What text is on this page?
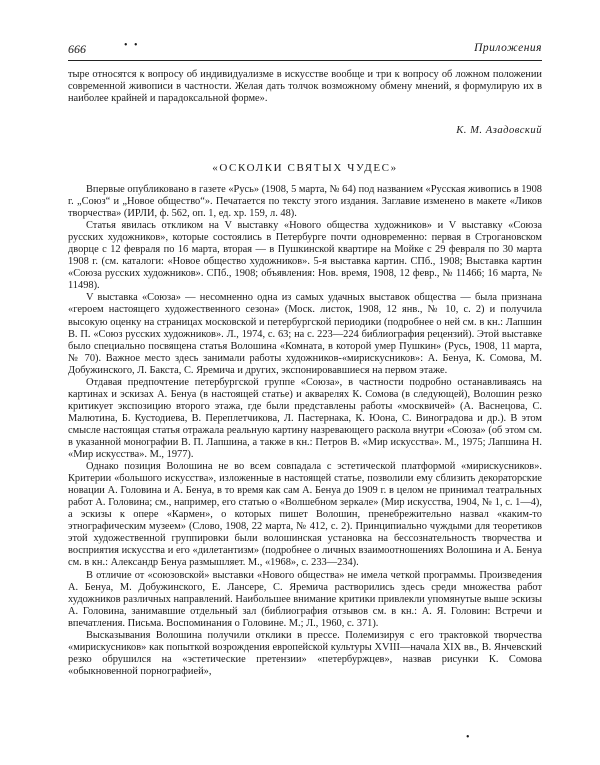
666	• •	Приложения

тыре относятся к вопросу об индивидуализме в искусстве вообще и три к вопросу об ложном положении современной живописи в частности. Желая дать толчок возможному обмену мнений, я формулирую их в наиболее крайней и парадоксальной форме».

К. М. Азадовский
«ОСКОЛКИ СВЯТЫХ ЧУДЕС»

Впервые опубликовано в газете «Русь» (1908, 5 марта, № 64) под названием «Русская живопись в 1908 г. „Союз“ и „Новое общество“». Печатается по тексту этого издания. Заглавие изменено в макете «Ликов творчества» (ИРЛИ, ф. 562, оп. 1, ед. хр. 159, л. 48).

Статья явилась откликом на V выставку «Нового общества художников» и V выставку «Союза русских художников», которые состоялись в Петербурге почти одновременно: первая в Строгановском дворце с 12 февраля по 16 марта, вторая — в Пушкинской квартире на Мойке с 29 февраля по 30 марта 1908 г. (см. каталоги: «Новое общество художников». 5-я выставка картин. СПб., 1908; Выставка картин «Союза русских художников». СПб., 1908; объявления: Нов. время, 1908, 12 февр., № 11466; 16 марта, № 11498).

V выставка «Союза» — несомненно одна из самых удачных выставок общества — была признана «героем настоящего художественного сезона» (Моск. листок, 1908, 12 янв., № 10, с. 2) и получила высокую оценку на страницах московской и петербургской периодики (подробнее о ней см. в кн.: Лапшин В. П. «Союз русских художников». Л., 1974, с. 63; на с. 223—224 библиография рецензий). Этой выставке было специально посвящена статья Волошина «Комната, в которой умер Пушкин» (Русь, 1908, 11 марта, № 70). Важное место здесь занимали работы художников-«мирискусников»: А. Бенуа, К. Сомова, М. Добужинского, Л. Бакста, С. Яремича и других, экспонировавшиеся на первом этаже.

Отдавая предпочтение петербургской группе «Союза», в частности подробно останавливаясь на картинах и эскизах А. Бенуа (в настоящей статье) и акварелях К. Сомова (в следующей), Волошин резко критикует экспозицию второго этажа, где были представлены работы «москвичей» (А. Васнецова, С. Малютина, Б. Кустодиева, В. Переплетчикова, Л. Пастернака, К. Юона, С. Виноградова и др.). В этом смысле настоящая статья отражала реальную картину назревающего раскола внутри «Союза» (об этом см. в указанной монографии В. П. Лапшина, а также в кн.: Петров В. «Мир искусства». М., 1975; Лапшина Н. «Мир искусства». М., 1977).

Однако позиция Волошина не во всем совпадала с эстетической платформой «мирискусников». Критерии «большого искусства», изложенные в настоящей статье, позволили ему сблизить декораторские новации А. Головина и А. Бенуа, в то время как сам А. Бенуа до 1909 г. в целом не принимал театральных работ А. Головина; см., например, его статью о «Волшебном зеркале» (Мир искусства, 1904, № 1, с. 1—4), а эскизы к опере «Кармен», о которых пишет Волошин, пренебрежительно назвал «каким-то этнографическим музеем» (Слово, 1908, 22 марта, № 412, с. 2). Принципиально чуждыми для теоретиков этой художественной группировки были волошинская установка на бессознательность творчества и восприятия искусства и его «дилетантизм» (подробнее о личных взаимоотношениях Волошина и А. Бенуа см. в кн.: Александр Бенуа размышляет. М., «1968», с. 233—234).

В отличие от «союзовской» выставки «Нового общества» не имела четкой программы. Произведения А. Бенуа, М. Добужинского, Е. Лансере, С. Яремича растворились здесь среди множества работ художников различных направлений. Наибольшее внимание критики привлекли упомянутые выше эскизы А. Головина, занимавшие отдельный зал (библиография отзывов см. в кн.: А. Я. Головин: Встречи и впечатления. Письма. Воспоминания о Головине. М.; Л., 1960, с. 371).

Высказывания Волошина получили отклики в прессе. Полемизируя с его трактовкой творчества «мирискусников» как попыткой возрождения европейской культуры XVIII—начала XIX вв., В. Янчевский резко обрушился на «эстетические претензии» «петербуржцев», назвав рисунки К. Сомова «обыкновенной порнографией»,

•
